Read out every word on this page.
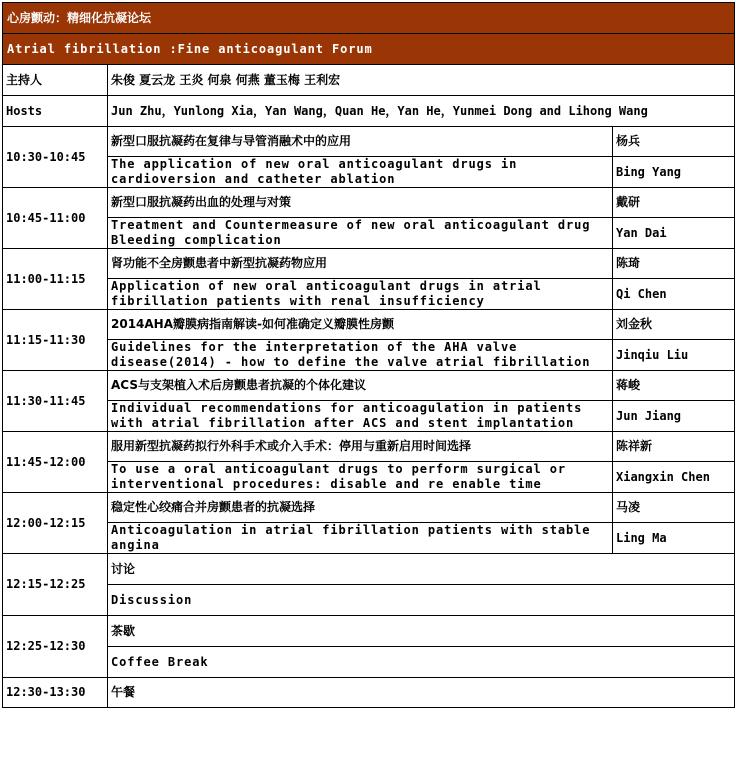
心房颤动：精细化抗凝论坛		
Atrial fibrillation :Fine anticoagulant Forum		
主持人	朱俊 夏云龙 王炎 何泉 何燕 董玉梅 王利宏	
Hosts	Jun Zhu，Yunlong Xia，Yan Wang，Quan He，Yan He，Yunmei Dong and Lihong Wang	
10:30-10:45	新型口服抗凝药在复律与导管消融术中的应用	杨兵
	The application of new oral anticoagulant drugs in cardioversion and catheter ablation	Bing Yang
10:45-11:00	新型口服抗凝药出血的处理与对策	戴研
	Treatment and Countermeasure of new oral anticoagulant drug Bleeding complication	Yan Dai
11:00-11:15	肾功能不全房颤患者中新型抗凝药物应用	陈琦
	Application of new oral anticoagulant drugs in atrial fibrillation patients with renal insufficiency	Qi Chen
11:15-11:30	2014AHA瓣膜病指南解读-如何准确定义瓣膜性房颤	刘金秋
	Guidelines for the interpretation of the AHA valve disease(2014) - how to define the valve atrial fibrillation	Jinqiu Liu
11:30-11:45	ACS与支架植入术后房颤患者抗凝的个体化建议	蒋峻
	Individual recommendations for anticoagulation in patients with atrial fibrillation after ACS and stent implantation	Jun Jiang
11:45-12:00	服用新型抗凝药拟行外科手术或介入手术：停用与重新启用时间选择	陈祥新
	To use a oral anticoagulant drugs to perform surgical or interventional procedures: disable and re enable time	Xiangxin Chen
12:00-12:15	稳定性心绞痛合并房颤患者的抗凝选择	马凌
	Anticoagulation in atrial fibrillation patients with stable angina	Ling Ma
12:15-12:25	讨论	
	Discussion	
12:25-12:30	茶歇	
	Coffee Break	
12:30-13:30	午餐	
